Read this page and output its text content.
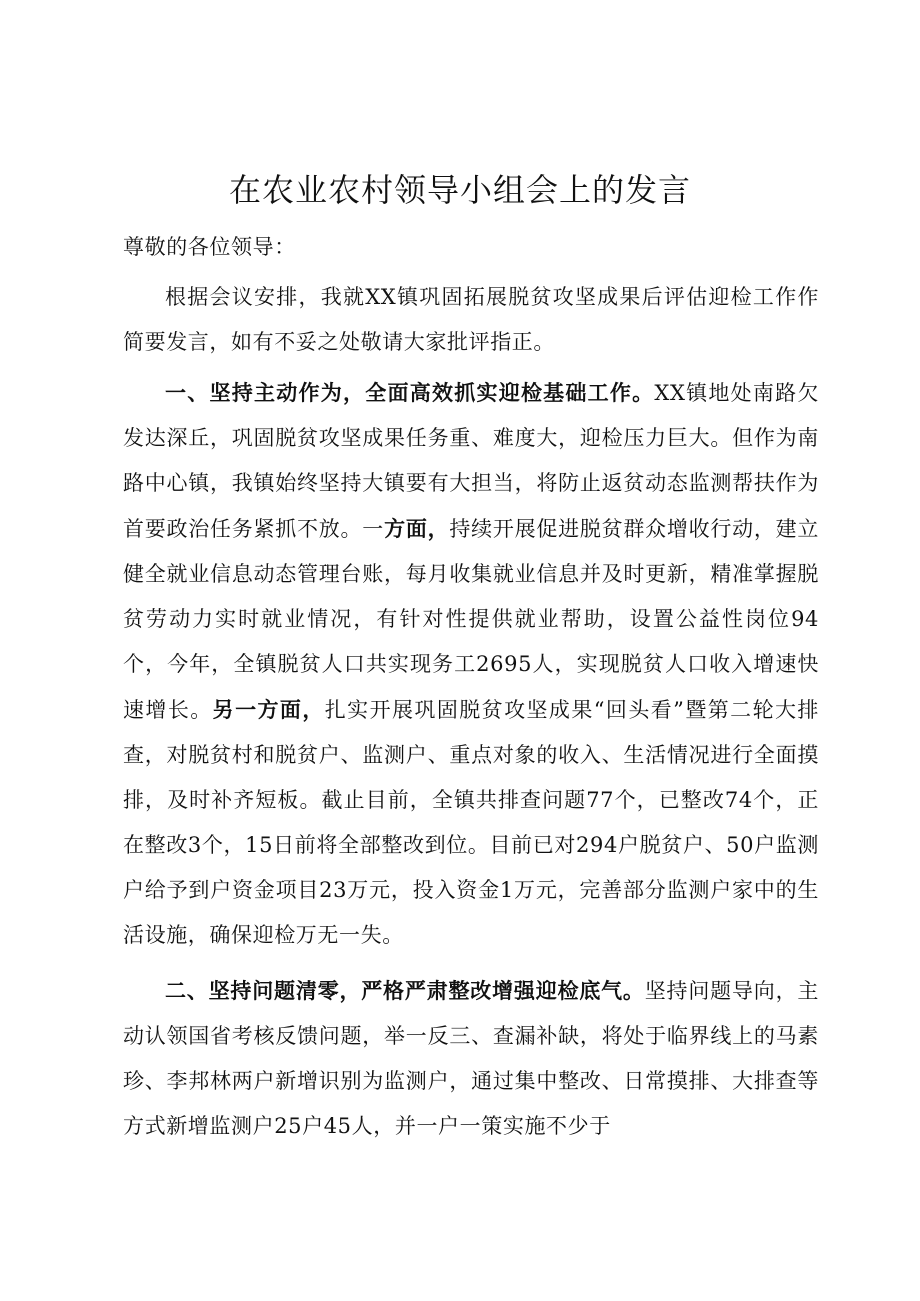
在农业农村领导小组会上的发言

尊敬的各位领导：

根据会议安排，我就XX镇巩固拓展脱贫攻坚成果后评估迎检工作作简要发言，如有不妥之处敬请大家批评指正。

一、坚持主动作为，全面高效抓实迎检基础工作。XX镇地处南路欠发达深丘，巩固脱贫攻坚成果任务重、难度大，迎检压力巨大。但作为南路中心镇，我镇始终坚持大镇要有大担当，将防止返贫动态监测帮扶作为首要政治任务紧抓不放。一方面，持续开展促进脱贫群众增收行动，建立健全就业信息动态管理台账，每月收集就业信息并及时更新，精准掌握脱贫劳动力实时就业情况，有针对性提供就业帮助，设置公益性岗位94个，今年，全镇脱贫人口共实现务工2695人，实现脱贫人口收入增速快速增长。另一方面，扎实开展巩固脱贫攻坚成果“回头看”暨第二轮大排查，对脱贫村和脱贫户、监测户、重点对象的收入、生活情况进行全面摸排，及时补齐短板。截止目前，全镇共排查问题77个，已整改74个，正在整改3个，15日前将全部整改到位。目前已对294户脱贫户、50户监测户给予到户资金项目23万元，投入资金1万元，完善部分监测户家中的生活设施，确保迎检万无一失。

二、坚持问题清零，严格严肃整改增强迎检底气。坚持问题导向，主动认领国省考核反馈问题，举一反三、查漏补缺，将处于临界线上的马素珍、李邦林两户新增识别为监测户，通过集中整改、日常摸排、大排查等方式新增监测户25户45人，并一户一策实施不少于
